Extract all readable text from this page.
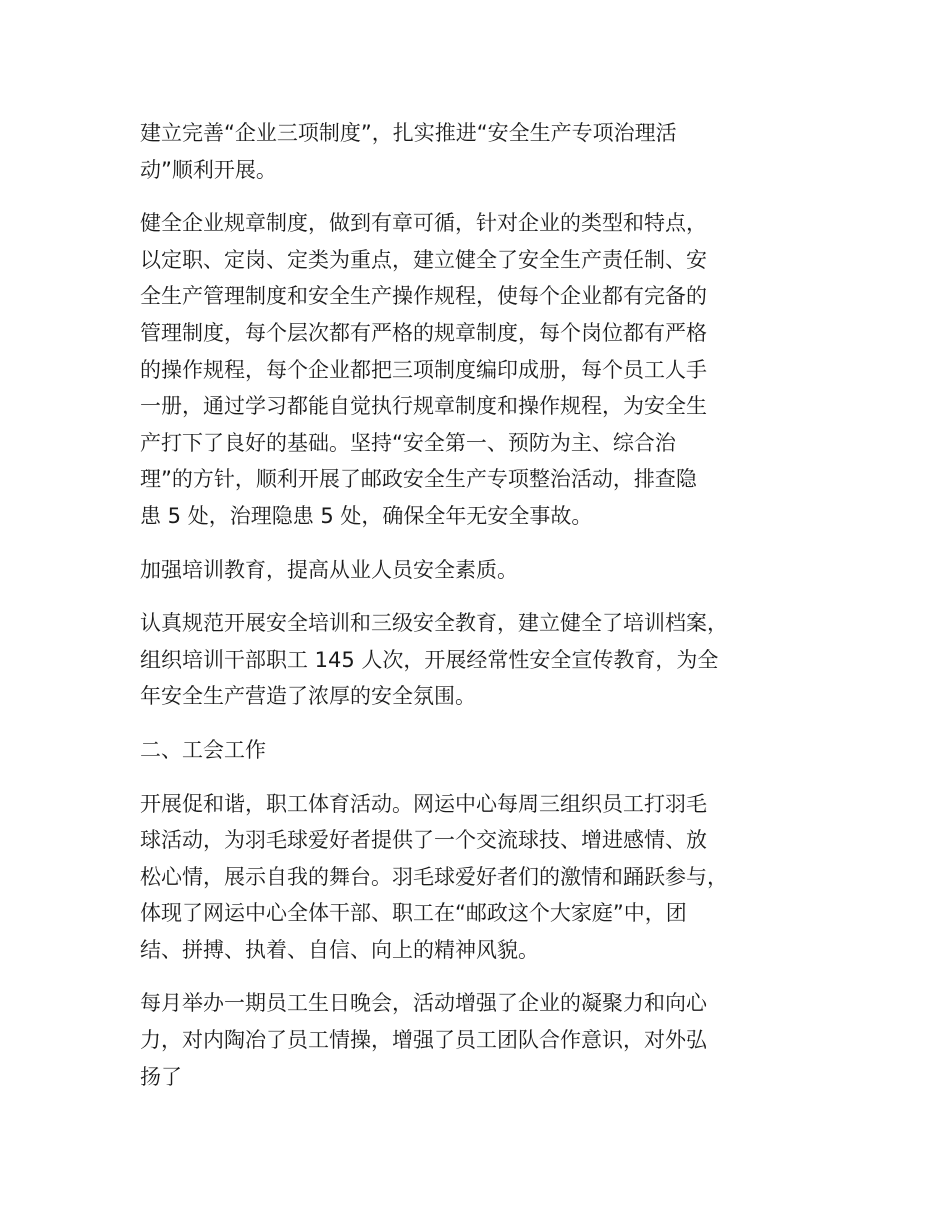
建立完善“企业三项制度”，扎实推进“安全生产专项治理活
动”顺利开展。

健全企业规章制度，做到有章可循，针对企业的类型和特点，
以定职、定岗、定类为重点，建立健全了安全生产责任制、安
全生产管理制度和安全生产操作规程，使每个企业都有完备的
管理制度，每个层次都有严格的规章制度，每个岗位都有严格
的操作规程，每个企业都把三项制度编印成册，每个员工人手
一册，通过学习都能自觉执行规章制度和操作规程，为安全生
产打下了良好的基础。坚持“安全第一、预防为主、综合治
理”的方针，顺利开展了邮政安全生产专项整治活动，排查隐
患 5 处，治理隐患 5 处，确保全年无安全事故。

加强培训教育，提高从业人员安全素质。

认真规范开展安全培训和三级安全教育，建立健全了培训档案，
组织培训干部职工 145 人次，开展经常性安全宣传教育，为全
年安全生产营造了浓厚的安全氛围。

二、工会工作

开展促和谐，职工体育活动。网运中心每周三组织员工打羽毛
球活动，为羽毛球爱好者提供了一个交流球技、增进感情、放
松心情，展示自我的舞台。羽毛球爱好者们的激情和踊跃参与，
体现了网运中心全体干部、职工在“邮政这个大家庭”中，团
结、拼搏、执着、自信、向上的精神风貌。

每月举办一期员工生日晚会，活动增强了企业的凝聚力和向心
力，对内陶冶了员工情操，增强了员工团队合作意识，对外弘
扬了
